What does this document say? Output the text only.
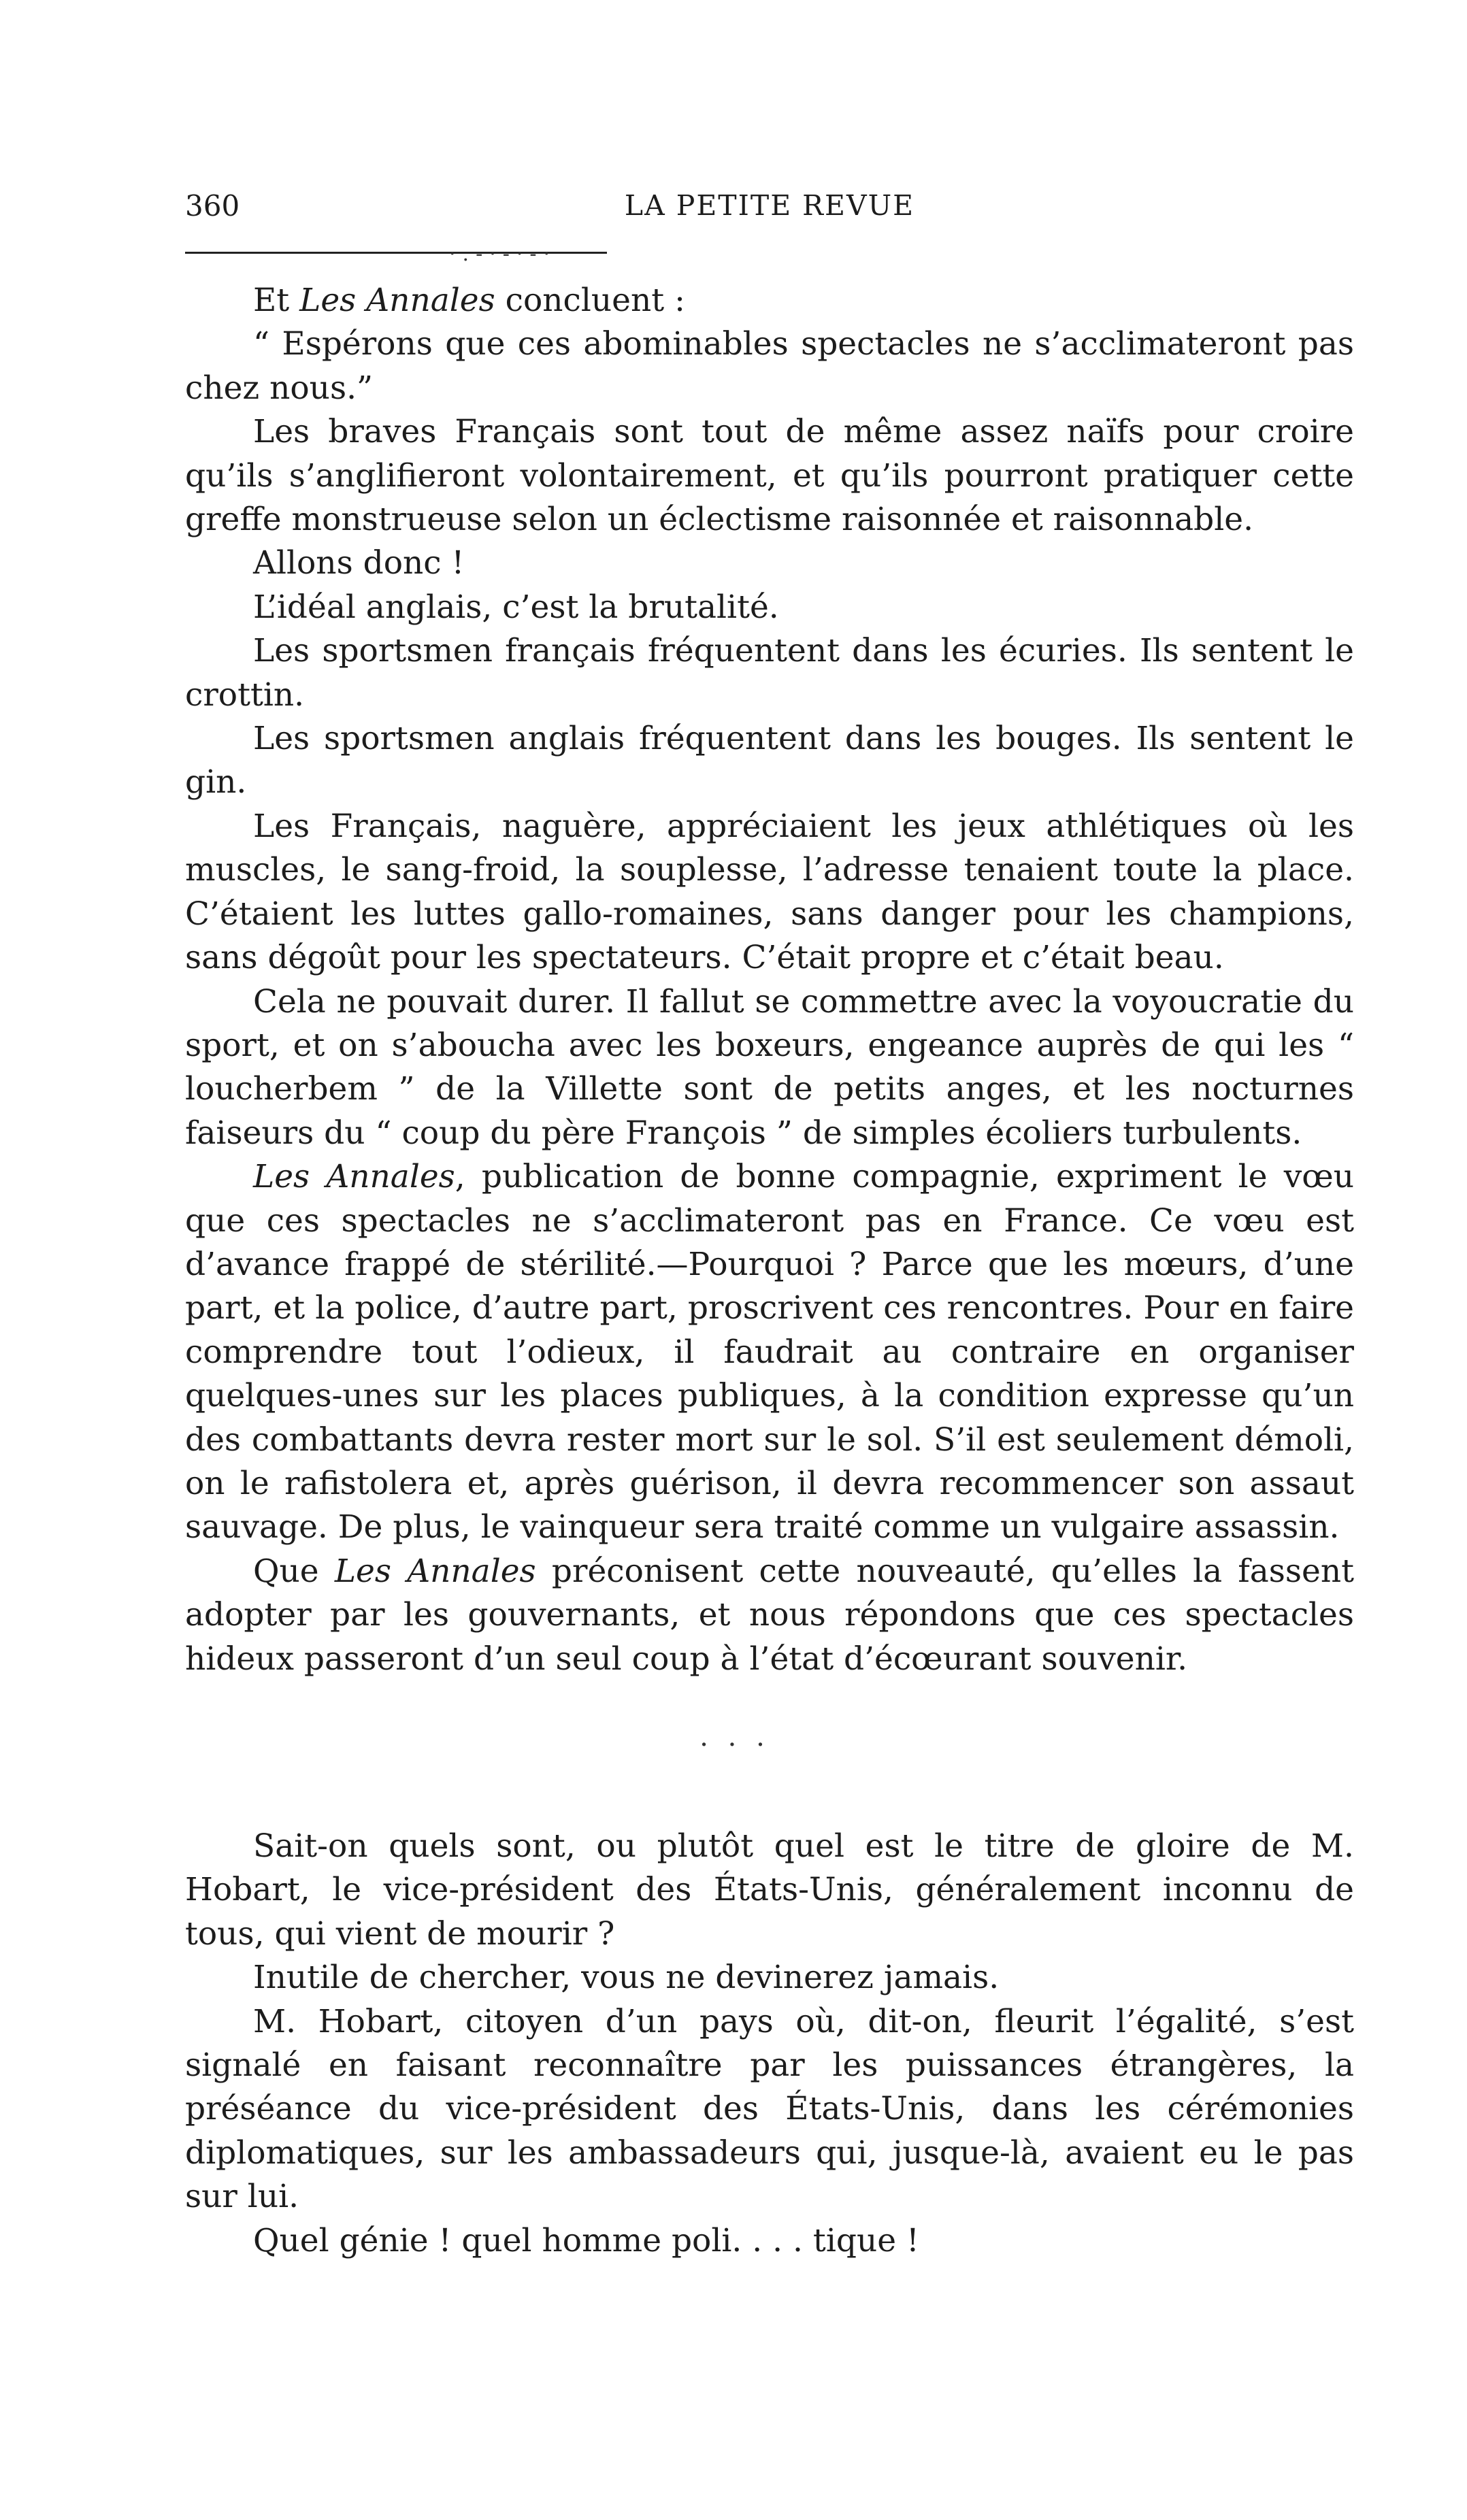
360	LA PETITE REVUE
·.-·-·-·

Et Les Annales concluent :

“ Espérons que ces abominables spectacles ne s’acclimateront pas chez nous.”

Les braves Français sont tout de même assez naïfs pour croire qu’ils s’anglifieront volontairement, et qu’ils pourront pratiquer cette greffe monstrueuse selon un éclectisme raisonnée et raisonnable.

Allons donc !

L’idéal anglais, c’est la brutalité.

Les sportsmen français fréquentent dans les écuries. Ils sentent le crottin.

Les sportsmen anglais fréquentent dans les bouges. Ils sentent le gin.

Les Français, naguère, appréciaient les jeux athlétiques où les muscles, le sang-froid, la souplesse, l’adresse tenaient toute la place. C’étaient les luttes gallo-romaines, sans danger pour les champions, sans dégoût pour les spectateurs. C’était propre et c’était beau.

Cela ne pouvait durer. Il fallut se commettre avec la voyoucratie du sport, et on s’aboucha avec les boxeurs, engeance auprès de qui les “ loucherbem ” de la Villette sont de petits anges, et les nocturnes faiseurs du “ coup du père François ” de simples écoliers turbulents.

Les Annales, publication de bonne compagnie, expriment le vœu que ces spectacles ne s’acclimateront pas en France. Ce vœu est d’avance frappé de stérilité.—Pourquoi ? Parce que les mœurs, d’une part, et la police, d’autre part, proscrivent ces rencontres. Pour en faire comprendre tout l’odieux, il faudrait au contraire en organiser quelques-unes sur les places publiques, à la condition expresse qu’un des combattants devra rester mort sur le sol. S’il est seulement démoli, on le rafistolera et, après guérison, il devra recommencer son assaut sauvage. De plus, le vainqueur sera traité comme un vulgaire assassin.

Que Les Annales préconisent cette nouveauté, qu’elles la fassent adopter par les gouvernants, et nous répondons que ces spectacles hideux passeront d’un seul coup à l’état d’écœurant souvenir.

· · ·

Sait-on quels sont, ou plutôt quel est le titre de gloire de M. Hobart, le vice-président des États-Unis, généralement inconnu de tous, qui vient de mourir ?

Inutile de chercher, vous ne devinerez jamais.

M. Hobart, citoyen d’un pays où, dit-on, fleurit l’égalité, s’est signalé en faisant reconnaître par les puissances étrangères, la préséance du vice-président des États-Unis, dans les cérémonies diplomatiques, sur les ambassadeurs qui, jusque-là, avaient eu le pas sur lui.

Quel génie ! quel homme poli. . . . tique !
